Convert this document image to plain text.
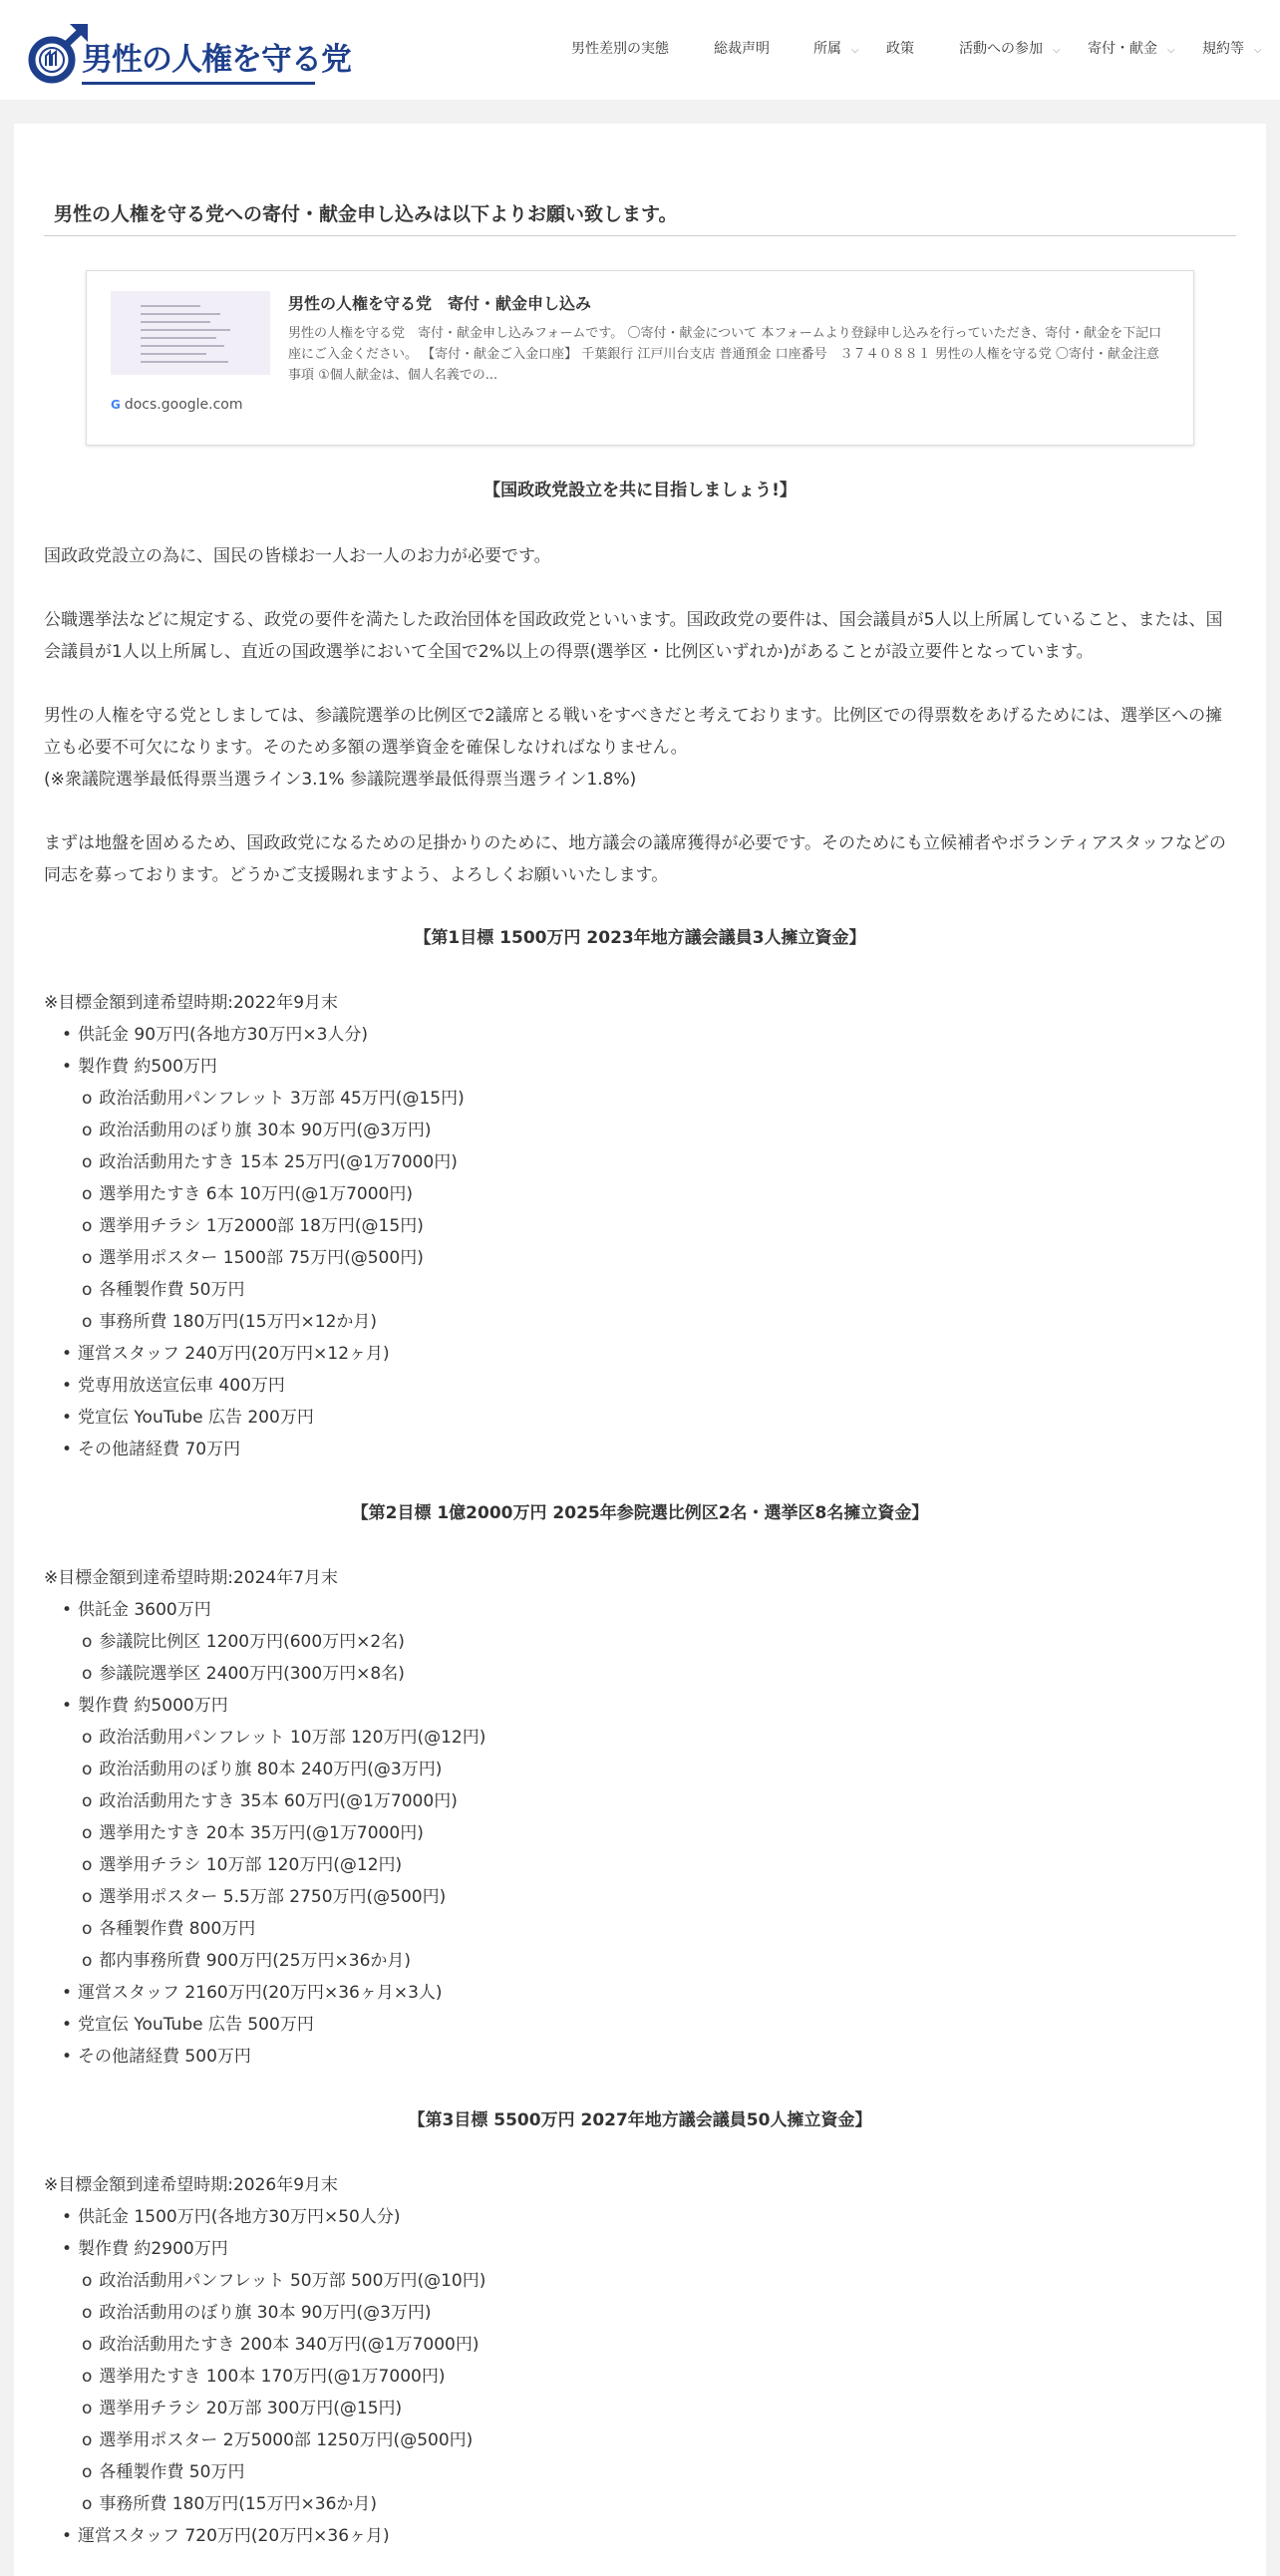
男性の人権を守る党	男性差別の実態	総裁声明	所属 ⌵ 政策	活動への参加 ⌵ 寄付・献金 ⌵ 規約等 ⌵
男性の人権を守る党への寄付・献金申し込みは以下よりお願い致します。
男性の人権を守る党　寄付・献金申し込み
男性の人権を守る党　寄付・献金申し込みフォームです。 〇寄付・献金について 本フォームより登録申し込みを行っていただき、寄付・献金を下記口座にご入金ください。 【寄付・献金ご入金口座】 千葉銀行 江戸川台支店 普通預金 口座番号　３７４０８８１ 男性の人権を守る党 〇寄付・献金注意事項 ①個人献金は、個人名義での...
G docs.google.com
【国政政党設立を共に目指しましょう!】
国政政党設立の為に、国民の皆様お一人お一人のお力が必要です。
公職選挙法などに規定する、政党の要件を満たした政治団体を国政政党といいます。国政政党の要件は、国会議員が5人以上所属していること、または、国会議員が1人以上所属し、直近の国政選挙において全国で2%以上の得票(選挙区・比例区いずれか)があることが設立要件となっています。
男性の人権を守る党としましては、参議院選挙の比例区で2議席とる戦いをすべきだと考えております。比例区での得票数をあげるためには、選挙区への擁立も必要不可欠になります。そのため多額の選挙資金を確保しなければなりません。
(※衆議院選挙最低得票当選ライン3.1% 参議院選挙最低得票当選ライン1.8%)
まずは地盤を固めるため、国政政党になるための足掛かりのために、地方議会の議席獲得が必要です。そのためにも立候補者やボランティアスタッフなどの同志を募っております。どうかご支援賜れますよう、よろしくお願いいたします。
【第1目標 1500万円 2023年地方議会議員3人擁立資金】
※目標金額到達希望時期:2022年9月末
• 供託金 90万円(各地方30万円×3人分)
• 製作費 約500万円
o 政治活動用パンフレット 3万部 45万円(@15円)
o 政治活動用のぼり旗 30本 90万円(@3万円)
o 政治活動用たすき 15本 25万円(@1万7000円)
o 選挙用たすき 6本 10万円(@1万7000円)
o 選挙用チラシ 1万2000部 18万円(@15円)
o 選挙用ポスター 1500部 75万円(@500円)
o 各種製作費 50万円
o 事務所費 180万円(15万円×12か月)
• 運営スタッフ 240万円(20万円×12ヶ月)
• 党専用放送宣伝車 400万円
• 党宣伝 YouTube 広告 200万円
• その他諸経費 70万円
【第2目標 1億2000万円 2025年参院選比例区2名・選挙区8名擁立資金】
※目標金額到達希望時期:2024年7月末
• 供託金 3600万円
o 参議院比例区 1200万円(600万円×2名)
o 参議院選挙区 2400万円(300万円×8名)
• 製作費 約5000万円
o 政治活動用パンフレット 10万部 120万円(@12円)
o 政治活動用のぼり旗 80本 240万円(@3万円)
o 政治活動用たすき 35本 60万円(@1万7000円)
o 選挙用たすき 20本 35万円(@1万7000円)
o 選挙用チラシ 10万部 120万円(@12円)
o 選挙用ポスター 5.5万部 2750万円(@500円)
o 各種製作費 800万円
o 都内事務所費 900万円(25万円×36か月)
• 運営スタッフ 2160万円(20万円×36ヶ月×3人)
• 党宣伝 YouTube 広告 500万円
• その他諸経費 500万円
【第3目標 5500万円 2027年地方議会議員50人擁立資金】
※目標金額到達希望時期:2026年9月末
• 供託金 1500万円(各地方30万円×50人分)
• 製作費 約2900万円
o 政治活動用パンフレット 50万部 500万円(@10円)
o 政治活動用のぼり旗 30本 90万円(@3万円)
o 政治活動用たすき 200本 340万円(@1万7000円)
o 選挙用たすき 100本 170万円(@1万7000円)
o 選挙用チラシ 20万部 300万円(@15円)
o 選挙用ポスター 2万5000部 1250万円(@500円)
o 各種製作費 50万円
o 事務所費 180万円(15万円×36か月)
• 運営スタッフ 720万円(20万円×36ヶ月)
